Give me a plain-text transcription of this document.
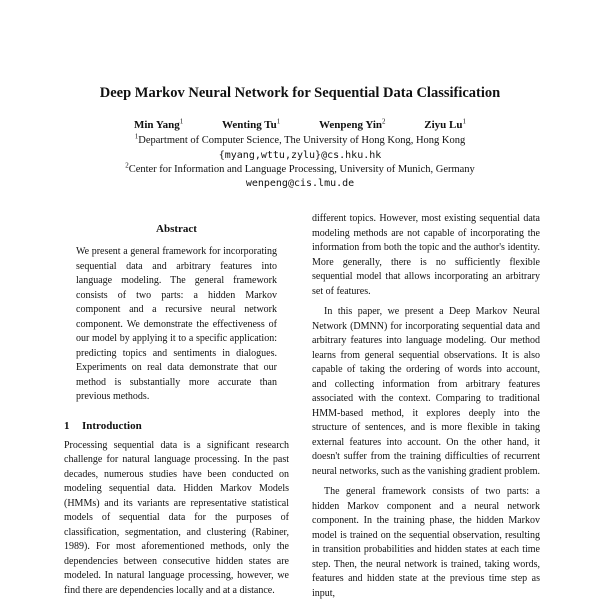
Deep Markov Neural Network for Sequential Data Classification
Min Yang$^1$	Wenting Tu$^1$	Wenpeng Yin$^2$	Ziyu Lu$^1$
$^1$Department of Computer Science, The University of Hong Kong, Hong Kong
{myang,wttu,zylu}@cs.hku.hk
$^2$Center for Information and Language Processing, University of Munich, Germany
wenpeng@cis.lmu.de
Abstract

We present a general framework for incorporating sequential data and arbitrary features into language modeling. The general framework consists of two parts: a hidden Markov component and a recursive neural network component. We demonstrate the effectiveness of our model by applying it to a specific application: predicting topics and sentiments in dialogues. Experiments on real data demonstrate that our method is substantially more accurate than previous methods.

1 Introduction

Processing sequential data is a significant research challenge for natural language processing. In the past decades, numerous studies have been conducted on modeling sequential data. Hidden Markov Models (HMMs) and its variants are representative statistical models of sequential data for the purposes of classification, segmentation, and clustering (Rabiner, 1989). For most aforementioned methods, only the dependencies between consecutive hidden states are modeled. In natural language processing, however, we find there are dependencies locally and at a distance.

different topics. However, most existing sequential data modeling methods are not capable of incorporating the information from both the topic and the author's identity. More generally, there is no sufficiently flexible sequential model that allows incorporating an arbitrary set of features.

In this paper, we present a Deep Markov Neural Network (DMNN) for incorporating sequential data and arbitrary features into language modeling. Our method learns from general sequential observations. It is also capable of taking the ordering of words into account, and collecting information from arbitrary features associated with the context. Comparing to traditional HMM-based method, it explores deeply into the structure of sentences, and is more flexible in taking external features into account. On the other hand, it doesn't suffer from the training difficulties of recurrent neural networks, such as the vanishing gradient problem.

The general framework consists of two parts: a hidden Markov component and a neural network component. In the training phase, the hidden Markov model is trained on the sequential observation, resulting in transition probabilities and hidden states at each time step. Then, the neural network is trained, taking words, features and hidden state at the previous time step as input,
